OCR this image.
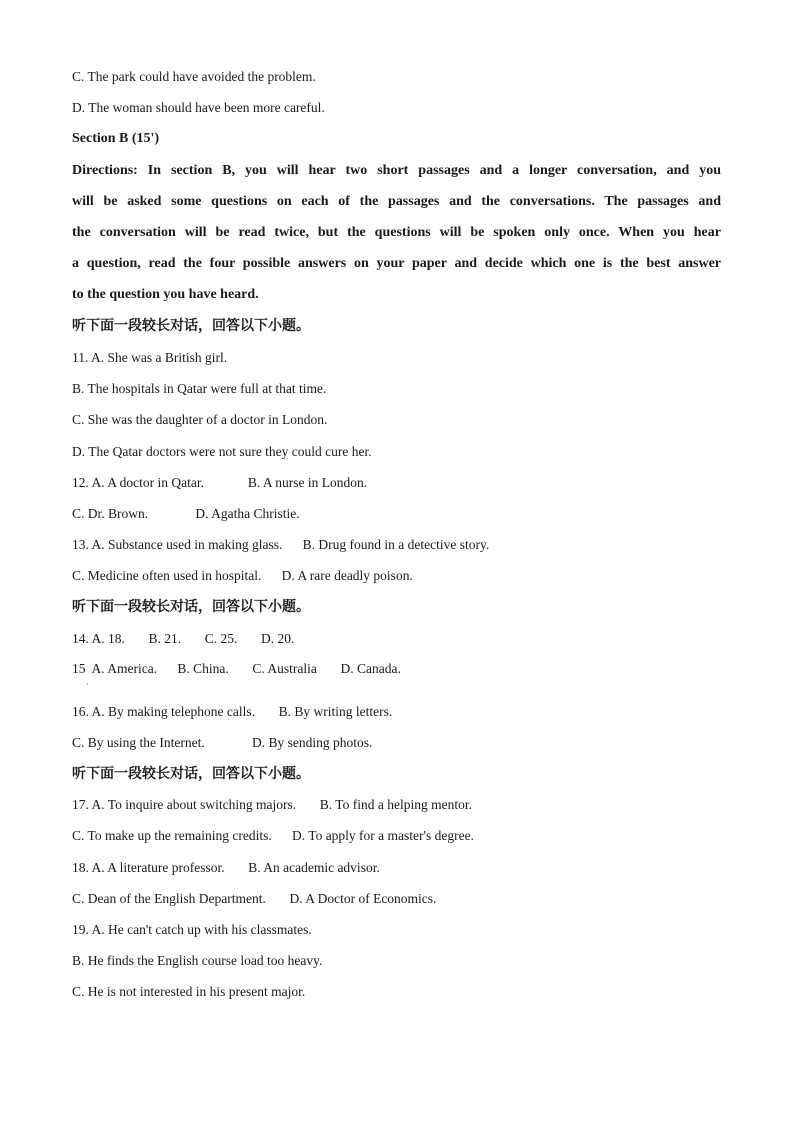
C. The park could have avoided the problem.
D. The woman should have been more careful.
Section B (15')
Directions: In section B, you will hear two short passages and a longer conversation, and you
will be asked some questions on each of the passages and the conversations. The passages and
the conversation will be read twice, but the questions will be spoken only once. When you hear
a question, read the four possible answers on your paper and decide which one is the best answer
to the question you have heard.
听下面一段较长对话，回答以下小题。
11. A. She was a British girl.
B. The hospitals in Qatar were full at that time.
C. She was the daughter of a doctor in London.
D. The Qatar doctors were not sure they could cure her.
12. A. A doctor in Qatar.             B. A nurse in London.
C. Dr. Brown.              D. Agatha Christie.
13. A. Substance used in making glass.      B. Drug found in a detective story.
C. Medicine often used in hospital.      D. A rare deadly poison.
听下面一段较长对话，回答以下小题。
14. A. 18.       B. 21.       C. 25.       D. 20.
15  A. America.      B. China.       C. Australia       D. Canada.
·
16. A. By making telephone calls.       B. By writing letters.
C. By using the Internet.              D. By sending photos.
听下面一段较长对话，回答以下小题。
17. A. To inquire about switching majors.       B. To find a helping mentor.
C. To make up the remaining credits.      D. To apply for a master's degree.
18. A. A literature professor.       B. An academic advisor.
C. Dean of the English Department.       D. A Doctor of Economics.
19. A. He can't catch up with his classmates.
B. He finds the English course load too heavy.
C. He is not interested in his present major.
